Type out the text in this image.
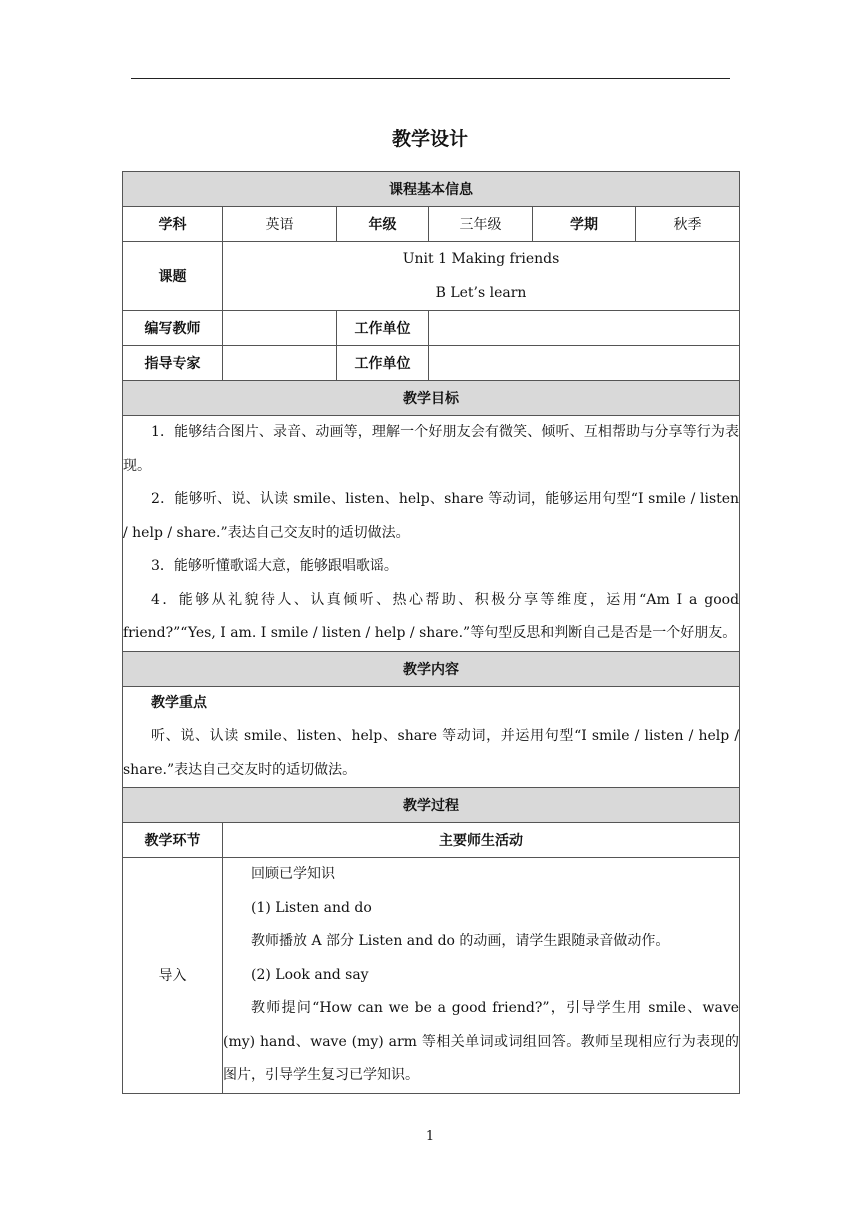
教学设计
课程基本信息					
学科	英语	年级	三年级	学期	秋季
课题	Unit 1 Making friends
B Let’s learn				

编写教师		工作单位			
指导专家		工作单位			
教学目标					

1．能够结合图片、录音、动画等，理解一个好朋友会有微笑、倾听、互相帮助与分享等行为表现。

2．能够听、说、认读 smile、listen、help、share 等动词，能够运用句型“I smile / listen / help / share.”表达自己交友时的适切做法。

3．能够听懂歌谣大意，能够跟唱歌谣。

4．能够从礼貌待人、认真倾听、热心帮助、积极分享等维度，运用“Am I a good friend?”“Yes, I am. I smile / listen / help / share.”等句型反思和判断自己是否是一个好朋友。					

教学内容					

教学重点

听、说、认读 smile、listen、help、share 等动词，并运用句型“I smile / listen / help / share.”表达自己交友时的适切做法。					

教学过程					
教学环节	主要师生活动				
导入	回顾已学知识

(1) Listen and do

教师播放 A 部分 Listen and do 的动画，请学生跟随录音做动作。

(2) Look and say

教师提问“How can we be a good friend?”，引导学生用 smile、wave (my) hand、wave (my) arm 等相关单词或词组回答。教师呈现相应行为表现的图片，引导学生复习已学知识。				

1
